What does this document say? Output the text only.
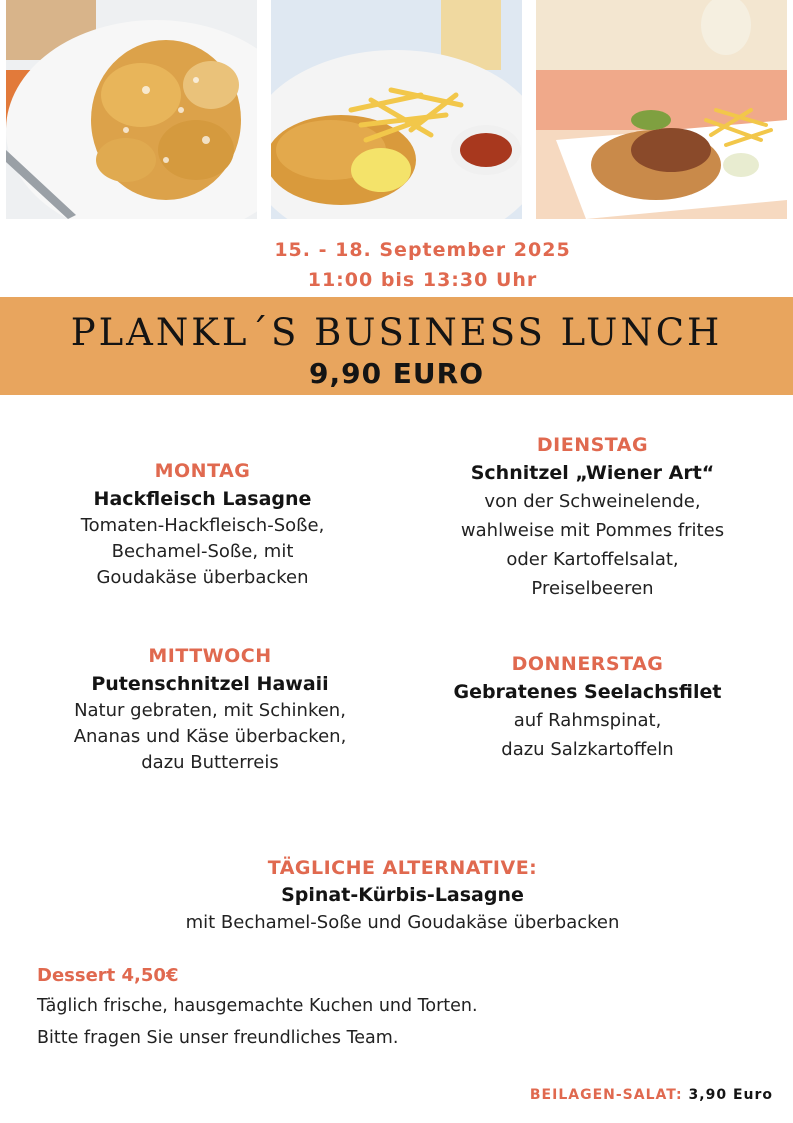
15. - 18. September 2025
11:00 bis 13:30 Uhr
PLANKL´S BUSINESS LUNCH
9,90 EURO
MONTAG
Hackfleisch Lasagne
Tomaten-Hackfleisch-Soße,
Bechamel-Soße, mit
Goudakäse überbacken
DIENSTAG
Schnitzel „Wiener Art“
von der Schweinelende,
wahlweise mit Pommes frites
oder Kartoffelsalat,
Preiselbeeren
MITTWOCH
Putenschnitzel Hawaii
Natur gebraten, mit Schinken,
Ananas und Käse überbacken,
dazu Butterreis
DONNERSTAG
Gebratenes Seelachsfilet
auf Rahmspinat,
dazu Salzkartoffeln
TÄGLICHE ALTERNATIVE:
Spinat-Kürbis-Lasagne
mit Bechamel-Soße und Goudakäse überbacken
Dessert 4,50€
Täglich frische, hausgemachte Kuchen und Torten.
Bitte fragen Sie unser freundliches Team.
BEILAGEN-SALAT: 3,90 Euro
